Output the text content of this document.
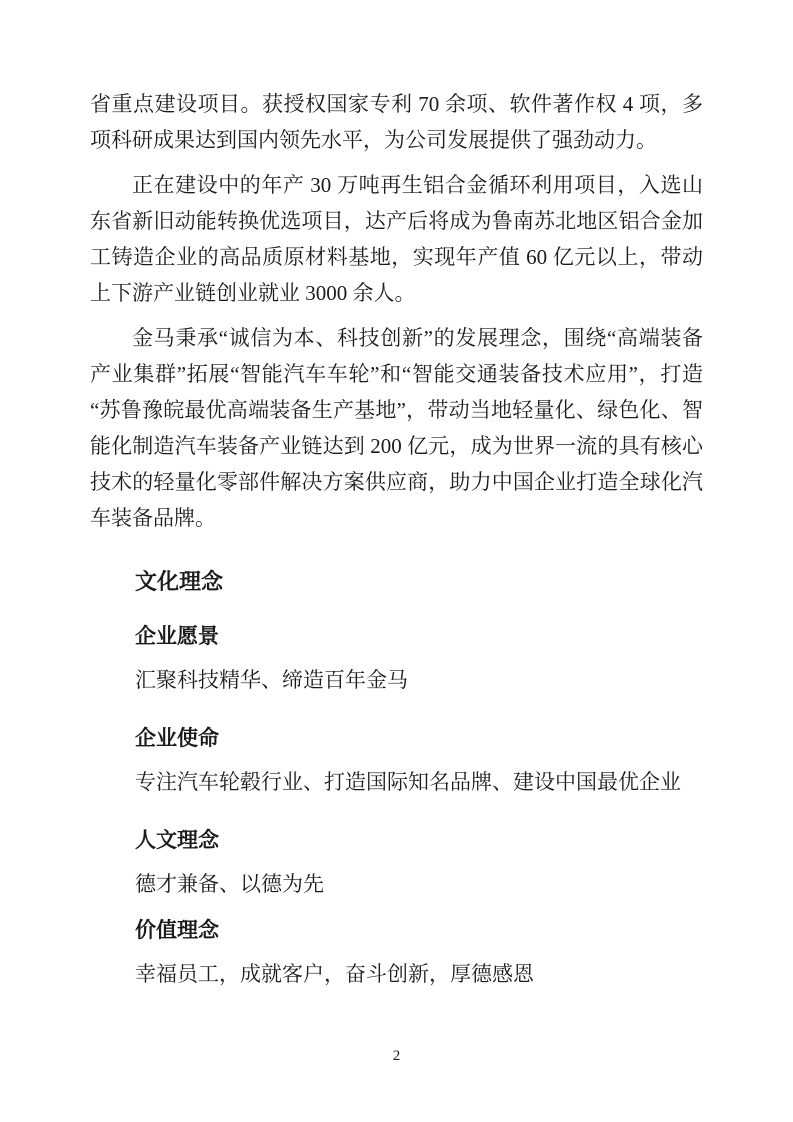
省重点建设项目。获授权国家专利 70 余项、软件著作权 4 项，多项科研成果达到国内领先水平，为公司发展提供了强劲动力。

正在建设中的年产 30 万吨再生铝合金循环利用项目，入选山东省新旧动能转换优选项目，达产后将成为鲁南苏北地区铝合金加工铸造企业的高品质原材料基地，实现年产值 60 亿元以上，带动上下游产业链创业就业 3000 余人。

金马秉承“诚信为本、科技创新”的发展理念，围绕“高端装备产业集群”拓展“智能汽车车轮”和“智能交通装备技术应用”，打造“苏鲁豫皖最优高端装备生产基地”，带动当地轻量化、绿色化、智能化制造汽车装备产业链达到 200 亿元，成为世界一流的具有核心技术的轻量化零部件解决方案供应商，助力中国企业打造全球化汽车装备品牌。

文化理念
企业愿景

汇聚科技精华、缔造百年金马

企业使命

专注汽车轮毂行业、打造国际知名品牌、建设中国最优企业

人文理念

德才兼备、以德为先

价值理念

幸福员工，成就客户，奋斗创新，厚德感恩

2
